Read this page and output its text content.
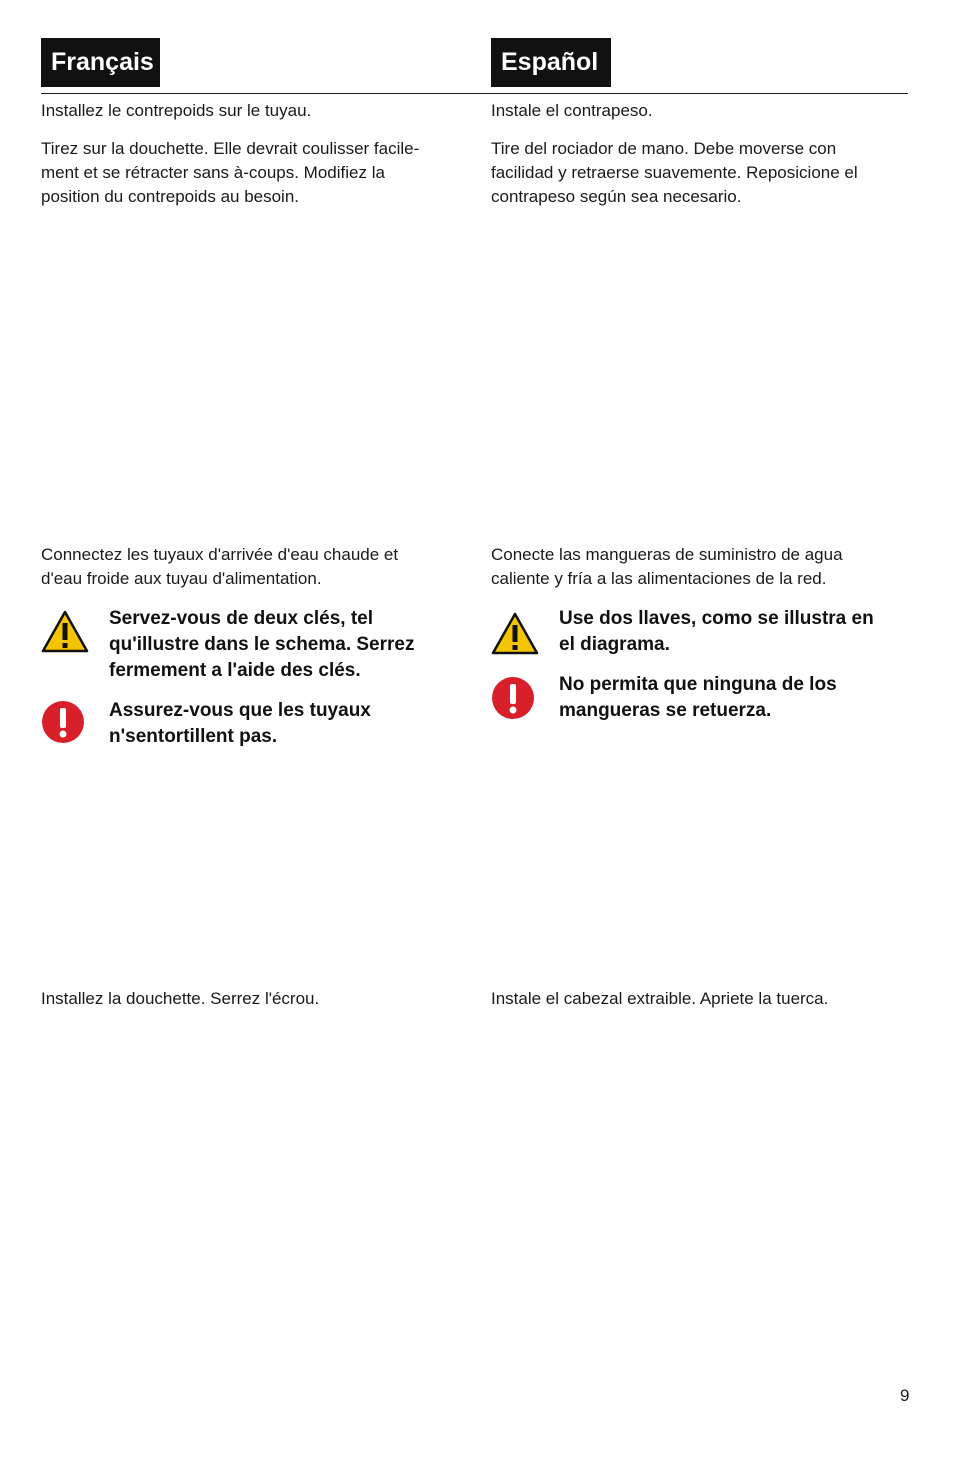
Français	Español

Installez le contrepoids sur le tuyau.

Tirez sur la douchette. Elle devrait coulisser facile-

ment et se rétracter sans à-coups. Modifiez la

position du contrepoids au besoin.

Instale el contrapeso.

Tire del rociador de mano. Debe moverse con

facilidad y retraerse suavemente. Reposicione el

contrapeso según sea necesario.

Connectez les tuyaux d'arrivée d'eau chaude et

d'eau froide aux tuyau d'alimentation.

Conecte las mangueras de suministro de agua

caliente y fría a las alimentaciones de la red.

Servez-vous de deux clés, tel
qu'illustre dans le schema. Serrez
fermement a l'aide des clés.
Assurez-vous que les tuyaux
n'sentortillent pas.
Use dos llaves, como se illustra en
el diagrama.
No permita que ninguna de los
mangueras se retuerza.

Installez la douchette. Serrez l'écrou.	Instale el cabezal extraible. Apriete la tuerca.

9
